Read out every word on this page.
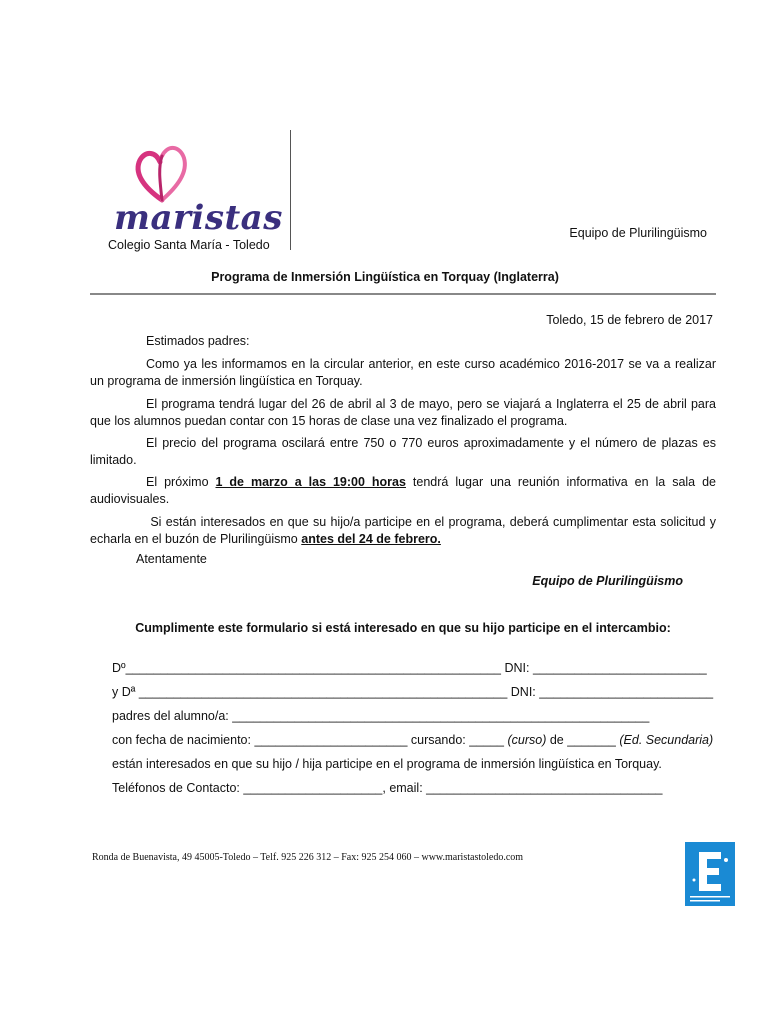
maristas
Colegio Santa María - Toledo
Equipo de Plurilingüismo
Programa de Inmersión Lingüística en Torquay (Inglaterra)
Toledo, 15 de febrero de 2017
Estimados padres:
Como ya les informamos en la circular anterior, en este curso académico 2016-2017 se va a realizar un programa de inmersión lingüística en Torquay.
El programa tendrá lugar del 26 de abril al 3 de mayo, pero se viajará a Inglaterra el 25 de abril para que los alumnos puedan contar con 15 horas de clase una vez finalizado el programa.
El precio del programa oscilará entre 750 o 770 euros aproximadamente y el número de plazas es limitado.
El próximo 1 de marzo a las 19:00 horas tendrá lugar una reunión informativa en la sala de audiovisuales.
Si están interesados en que su hijo/a participe en el programa, deberá cumplimentar esta solicitud y echarla en el buzón de Plurilingüismo antes del 24 de febrero.
Atentamente
Equipo de Plurilingüismo
Cumplimente este formulario si está interesado en que su hijo participe en el intercambio:
Dº______________________________________________________ DNI: _________________________
y Dª _____________________________________________________ DNI: _________________________
padres del alumno/a: ____________________________________________________________
con fecha de nacimiento: ______________________ cursando: _____ (curso) de _______ (Ed. Secundaria)
están interesados en que su hijo / hija participe en el programa de inmersión lingüística en Torquay.
Teléfonos de Contacto: ____________________, email: __________________________________
Ronda de Buenavista, 49 45005-Toledo – Telf. 925 226 312 – Fax: 925 254 060 – www.maristastoledo.com
